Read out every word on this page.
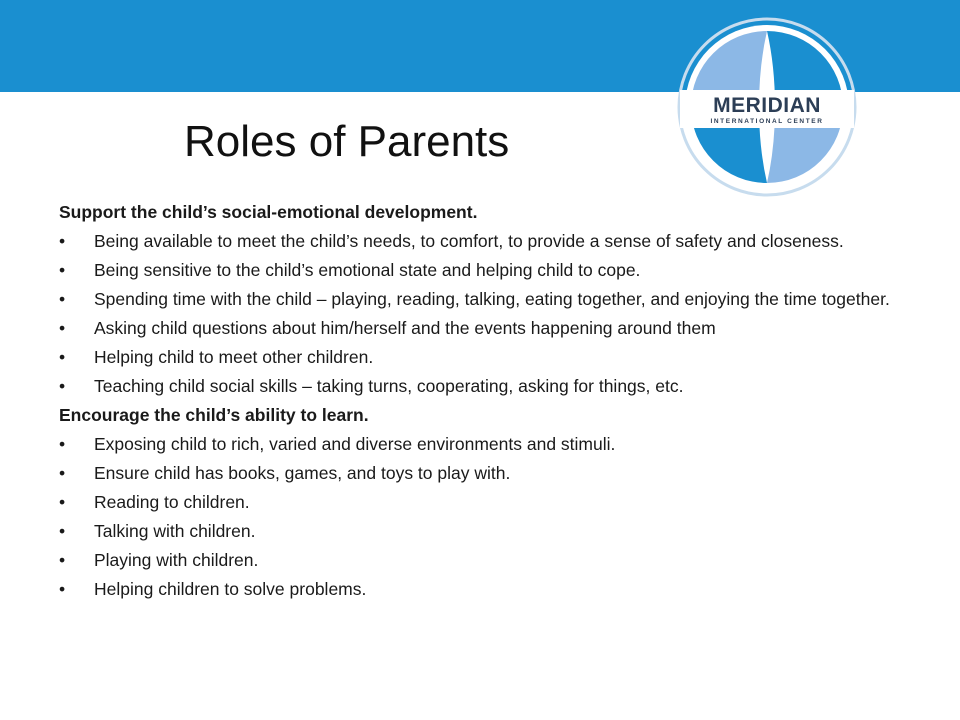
MERIDIAN
INTERNATIONAL CENTER
Roles of Parents

Support the child’s social-emotional development.

• Being available to meet the child’s needs, to comfort, to provide a sense of safety and closeness.
• Being sensitive to the child’s emotional state and helping child to cope.
• Spending time with the child – playing, reading, talking, eating together, and enjoying the time together.
• Asking child questions about him/herself and the events happening around them
• Helping child to meet other children.
• Teaching child social skills – taking turns, cooperating, asking for things, etc.

Encourage the child’s ability to learn.

• Exposing child to rich, varied and diverse environments and stimuli.
• Ensure child has books, games, and toys to play with.
• Reading to children.
• Talking with children.
• Playing with children.
• Helping children to solve problems.
